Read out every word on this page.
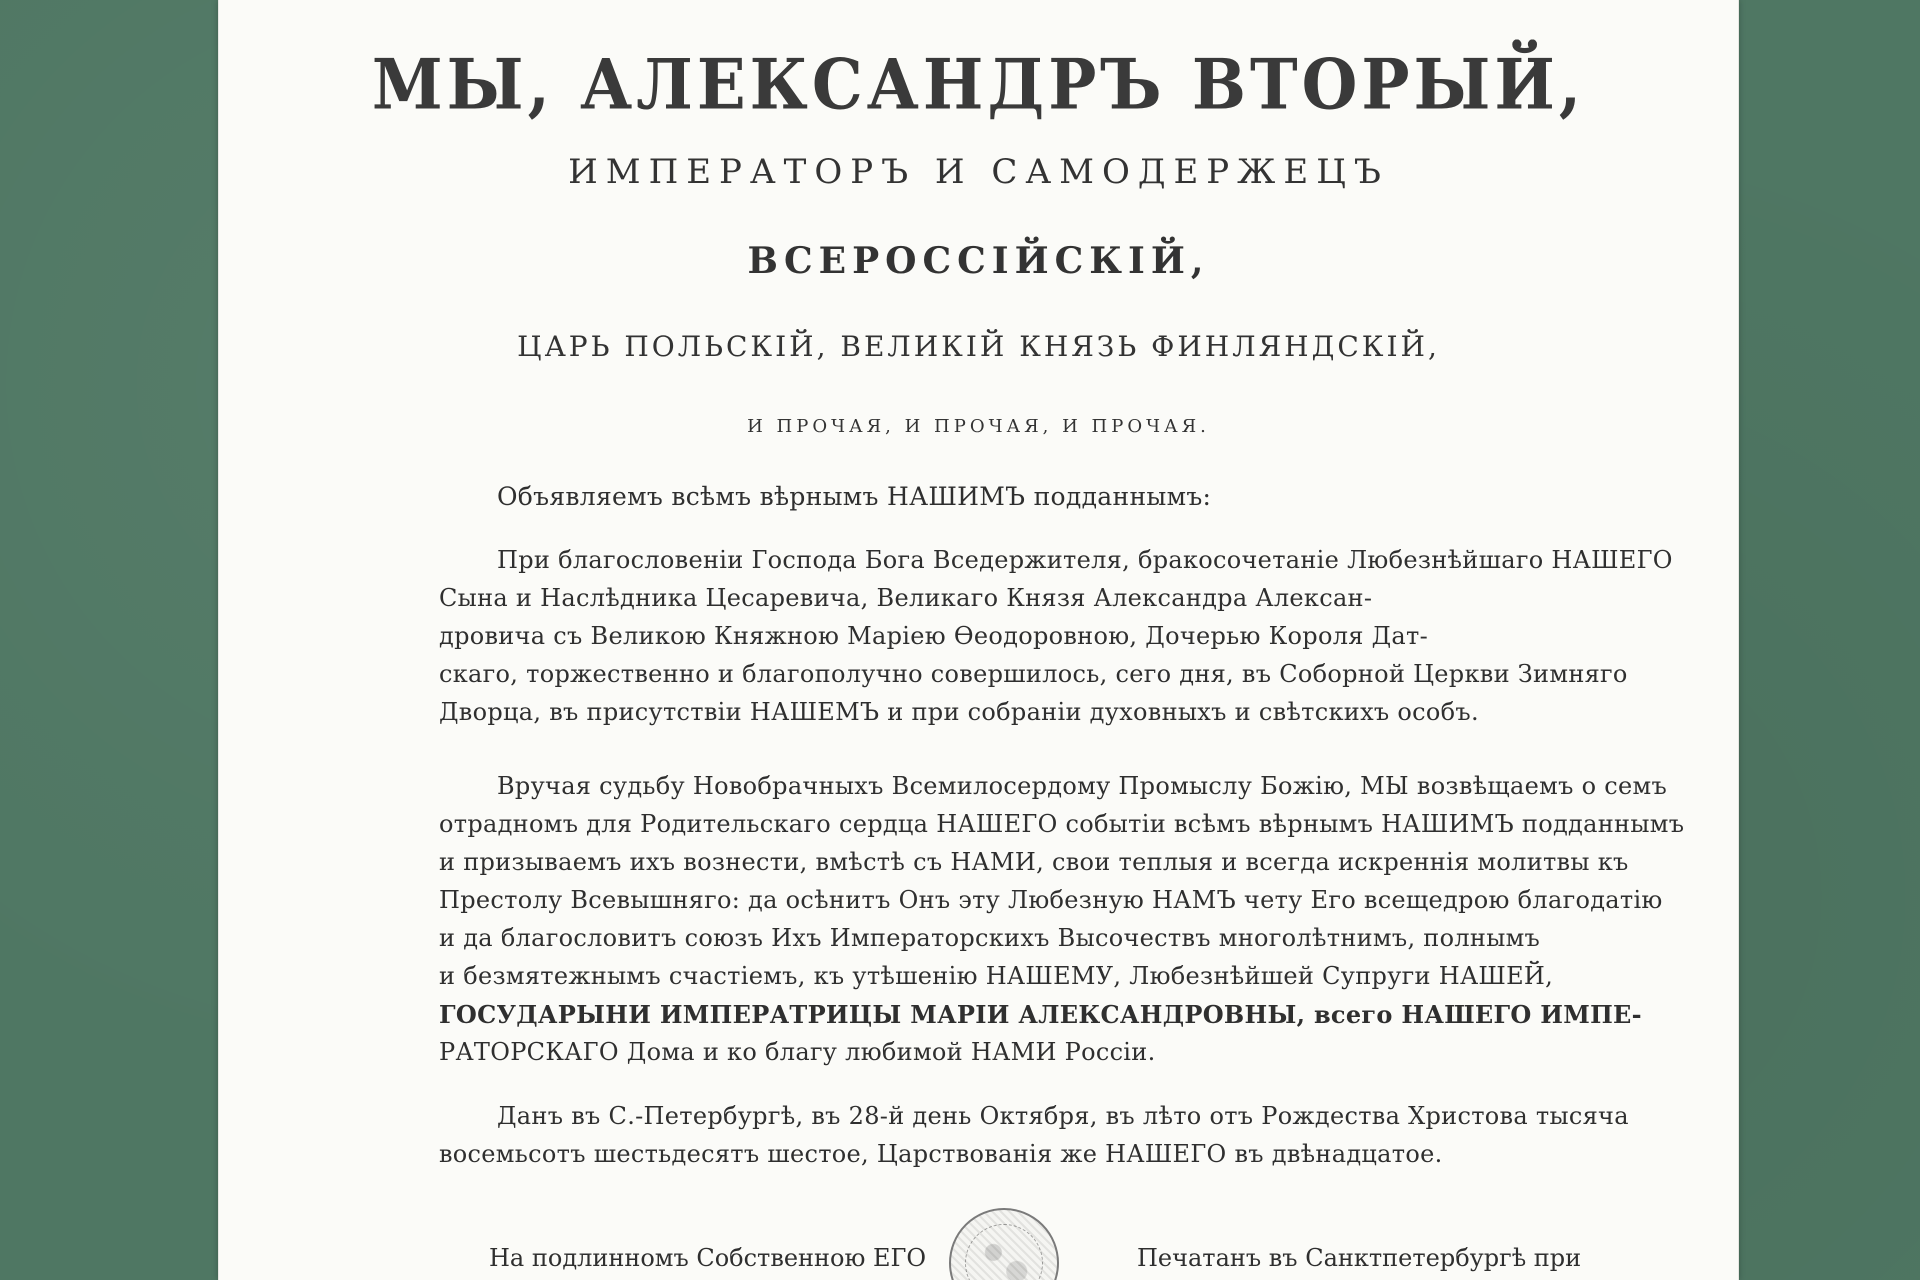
МЫ, АЛЕКСАНДРЪ ВТОРЫЙ,
ИМПЕРАТОРЪ И САМОДЕРЖЕЦЪ
ВСЕРОССІЙСКІЙ,
ЦАРЬ ПОЛЬСКІЙ, ВЕЛИКІЙ КНЯЗЬ ФИНЛЯНДСКІЙ,
И ПРОЧАЯ, И ПРОЧАЯ, И ПРОЧАЯ.
Объявляемъ всѣмъ вѣрнымъ НАШИМЪ подданнымъ:
При благословеніи Господа Бога Вседержителя, бракосочетаніе Любезнѣйшаго НАШЕГО
Сына и Наслѣдника Цесаревича, Великаго Князя Александра Алексан-
дровича съ Великою Княжною Маріею Ѳеодоровною, Дочерью Короля Дат-
скаго, торжественно и благополучно совершилось, сего дня, въ Соборной Церкви Зимняго
Дворца, въ присутствіи НАШЕМЪ и при собраніи духовныхъ и свѣтскихъ особъ.
Вручая судьбу Новобрачныхъ Всемилосердому Промыслу Божію, МЫ возвѣщаемъ о семъ
отрадномъ для Родительскаго сердца НАШЕГО событіи всѣмъ вѣрнымъ НАШИМЪ подданнымъ
и призываемъ ихъ вознести, вмѣстѣ съ НАМИ, свои теплыя и всегда искреннія молитвы къ
Престолу Всевышняго: да осѣнитъ Онъ эту Любезную НАМЪ чету Его всещедрою благодатію
и да благословитъ союзъ Ихъ Императорскихъ Высочествъ многолѣтнимъ, полнымъ
и безмятежнымъ счастіемъ, къ утѣшенію НАШЕМУ, Любезнѣйшей Супруги НАШЕЙ,
ГОСУДАРЫНИ ИМПЕРАТРИЦЫ МАРІИ АЛЕКСАНДРОВНЫ, всего НАШЕГО ИМПЕ-
РАТОРСКАГО Дома и ко благу любимой НАМИ Россіи.
Данъ въ С.-Петербургѣ, въ 28-й день Октября, въ лѣто отъ Рождества Христова тысяча
восемьсотъ шестьдесятъ шестое, Царствованія же НАШЕГО въ двѣнадцатое.
На подлинномъ Собственною ЕГО	Печатанъ въ Санктпетербургѣ при
